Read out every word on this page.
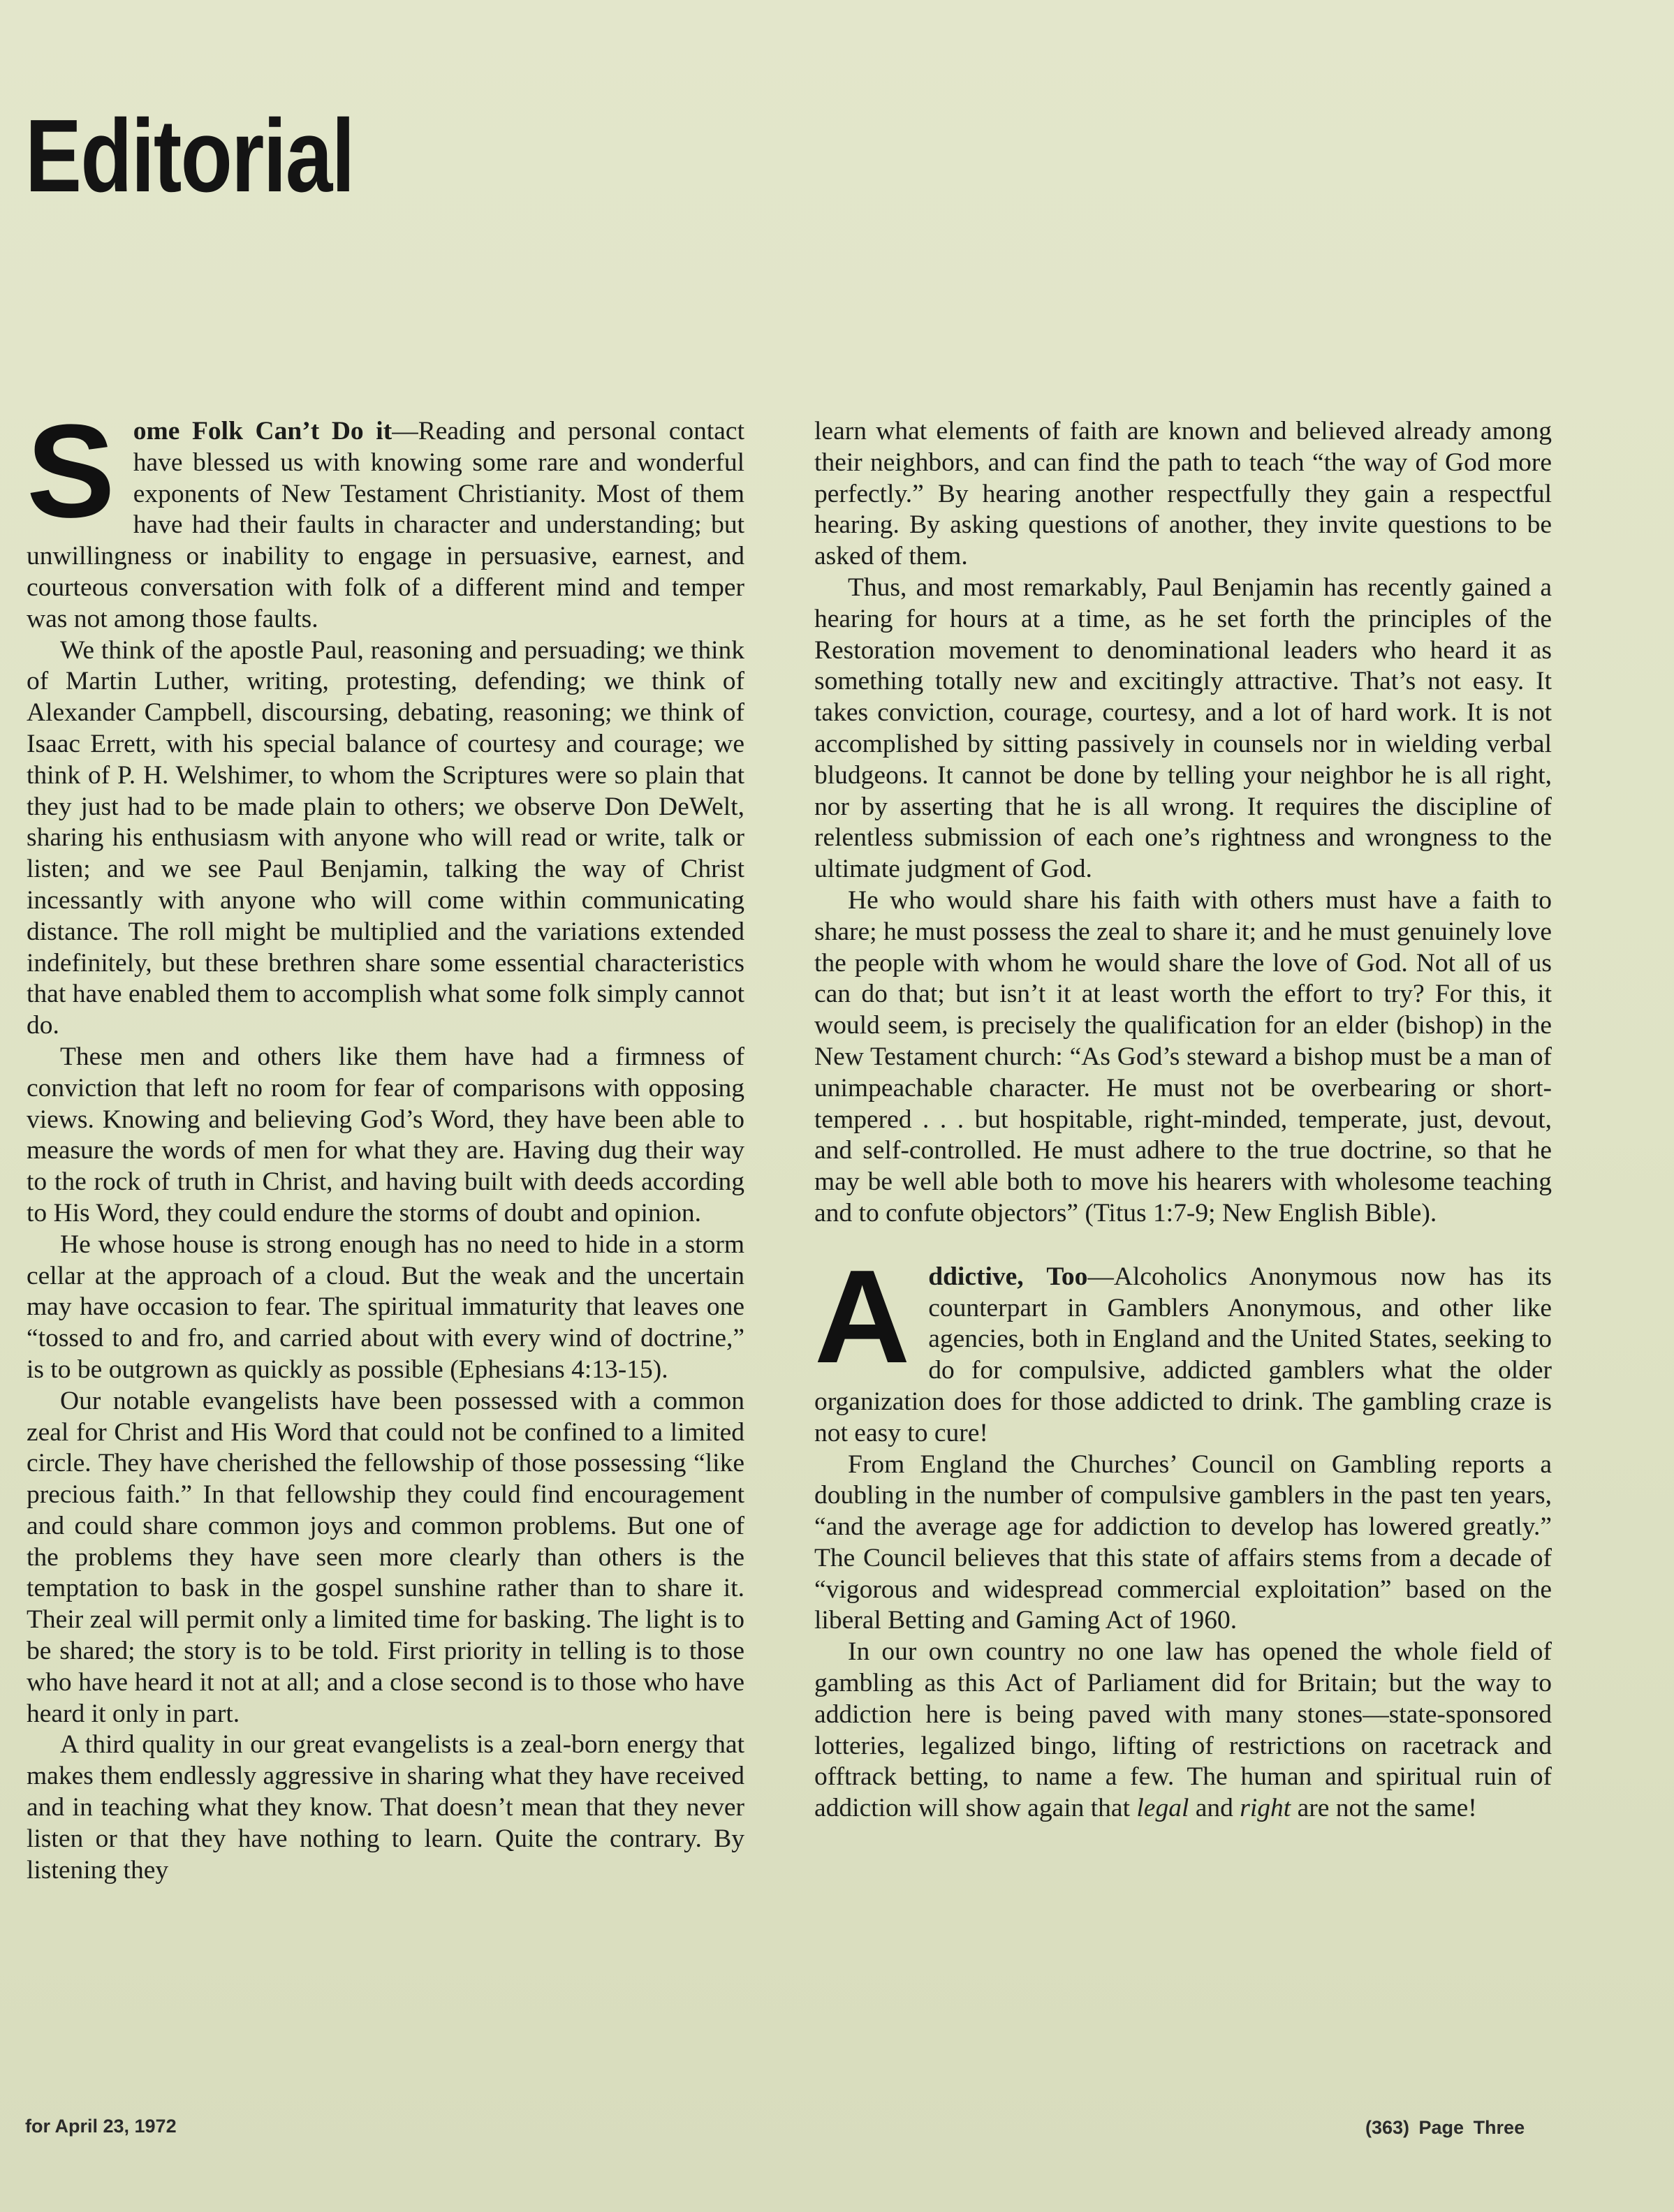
Editorial

Some Folk Can’t Do it—Reading and personal contact have blessed us with knowing some rare and wonderful exponents of New Testament Christianity. Most of them have had their faults in character and understanding; but unwillingness or inability to engage in persuasive, earnest, and courteous conversation with folk of a different mind and temper was not among those faults.

We think of the apostle Paul, reasoning and persuading; we think of Martin Luther, writing, protesting, defending; we think of Alexander Campbell, discoursing, debating, reasoning; we think of Isaac Errett, with his special balance of courtesy and courage; we think of P. H. Welshimer, to whom the Scriptures were so plain that they just had to be made plain to others; we observe Don DeWelt, sharing his enthusiasm with anyone who will read or write, talk or listen; and we see Paul Benjamin, talking the way of Christ incessantly with anyone who will come within communicating distance. The roll might be multiplied and the variations extended indefinitely, but these brethren share some essential characteristics that have enabled them to accomplish what some folk simply cannot do.

These men and others like them have had a firmness of conviction that left no room for fear of comparisons with opposing views. Knowing and believing God’s Word, they have been able to measure the words of men for what they are. Having dug their way to the rock of truth in Christ, and having built with deeds according to His Word, they could endure the storms of doubt and opinion.

He whose house is strong enough has no need to hide in a storm cellar at the approach of a cloud. But the weak and the uncertain may have occasion to fear. The spiritual immaturity that leaves one “tossed to and fro, and carried about with every wind of doctrine,” is to be outgrown as quickly as possible (Ephesians 4:13-15).

Our notable evangelists have been possessed with a common zeal for Christ and His Word that could not be confined to a limited circle. They have cherished the fellowship of those possessing “like precious faith.” In that fellowship they could find encouragement and could share common joys and common problems. But one of the problems they have seen more clearly than others is the temptation to bask in the gospel sunshine rather than to share it. Their zeal will permit only a limited time for basking. The light is to be shared; the story is to be told. First priority in telling is to those who have heard it not at all; and a close second is to those who have heard it only in part.

A third quality in our great evangelists is a zeal-born energy that makes them endlessly aggressive in sharing what they have received and in teaching what they know. That doesn’t mean that they never listen or that they have nothing to learn. Quite the contrary. By listening they

learn what elements of faith are known and believed already among their neighbors, and can find the path to teach “the way of God more perfectly.” By hearing another respectfully they gain a respectful hearing. By asking questions of another, they invite questions to be asked of them.

Thus, and most remarkably, Paul Benjamin has recently gained a hearing for hours at a time, as he set forth the principles of the Restoration movement to denominational leaders who heard it as something totally new and excitingly attractive. That’s not easy. It takes conviction, courage, courtesy, and a lot of hard work. It is not accomplished by sitting passively in counsels nor in wielding verbal bludgeons. It cannot be done by telling your neighbor he is all right, nor by asserting that he is all wrong. It requires the discipline of relentless submission of each one’s rightness and wrongness to the ultimate judgment of God.

He who would share his faith with others must have a faith to share; he must possess the zeal to share it; and he must genuinely love the people with whom he would share the love of God. Not all of us can do that; but isn’t it at least worth the effort to try? For this, it would seem, is precisely the qualification for an elder (bishop) in the New Testament church: “As God’s steward a bishop must be a man of unimpeachable character. He must not be overbearing or short-tempered . . . but hospitable, right-minded, temperate, just, devout, and self-controlled. He must adhere to the true doctrine, so that he may be well able both to move his hearers with wholesome teaching and to confute objectors” (Titus 1:7-9; New English Bible).

Addictive, Too—Alcoholics Anonymous now has its counterpart in Gamblers Anonymous, and other like agencies, both in England and the United States, seeking to do for compulsive, addicted gamblers what the older organization does for those addicted to drink. The gambling craze is not easy to cure!

From England the Churches’ Council on Gambling reports a doubling in the number of compulsive gamblers in the past ten years, “and the average age for addiction to develop has lowered greatly.” The Council believes that this state of affairs stems from a decade of “vigorous and widespread commercial exploitation” based on the liberal Betting and Gaming Act of 1960.

In our own country no one law has opened the whole field of gambling as this Act of Parliament did for Britain; but the way to addiction here is being paved with many stones—state-sponsored lotteries, legalized bingo, lifting of restrictions on racetrack and offtrack betting, to name a few. The human and spiritual ruin of addiction will show again that legal and right are not the same!

for April 23, 1972	(363) Page Three
